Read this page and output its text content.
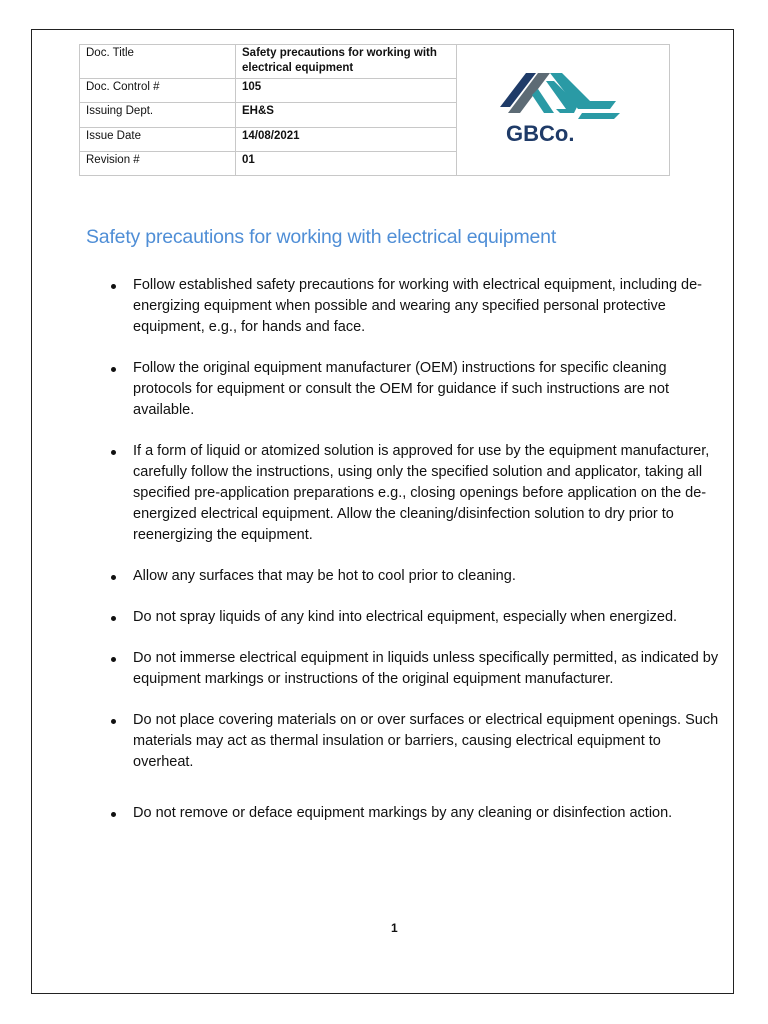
Doc. Title	Safety precautions for working with electrical equipment	GBCo.

Doc. Control #	105	
Issuing Dept.	EH&S	
Issue Date	14/08/2021	
Revision #	01	
Safety precautions for working with electrical equipment
Follow established safety precautions for working with electrical equipment, including de-energizing equipment when possible and wearing any specified personal protective equipment, e.g., for hands and face.
Follow the original equipment manufacturer (OEM) instructions for specific cleaning protocols for equipment or consult the OEM for guidance if such instructions are not available.
If a form of liquid or atomized solution is approved for use by the equipment manufacturer, carefully follow the instructions, using only the specified solution and applicator, taking all specified pre-application preparations e.g., closing openings before application on the de-energized electrical equipment. Allow the cleaning/disinfection solution to dry prior to reenergizing the equipment.
Allow any surfaces that may be hot to cool prior to cleaning.
Do not spray liquids of any kind into electrical equipment, especially when energized.
Do not immerse electrical equipment in liquids unless specifically permitted, as indicated by equipment markings or instructions of the original equipment manufacturer.
Do not place covering materials on or over surfaces or electrical equipment openings. Such materials may act as thermal insulation or barriers, causing electrical equipment to overheat.
Do not remove or deface equipment markings by any cleaning or disinfection action.
1
